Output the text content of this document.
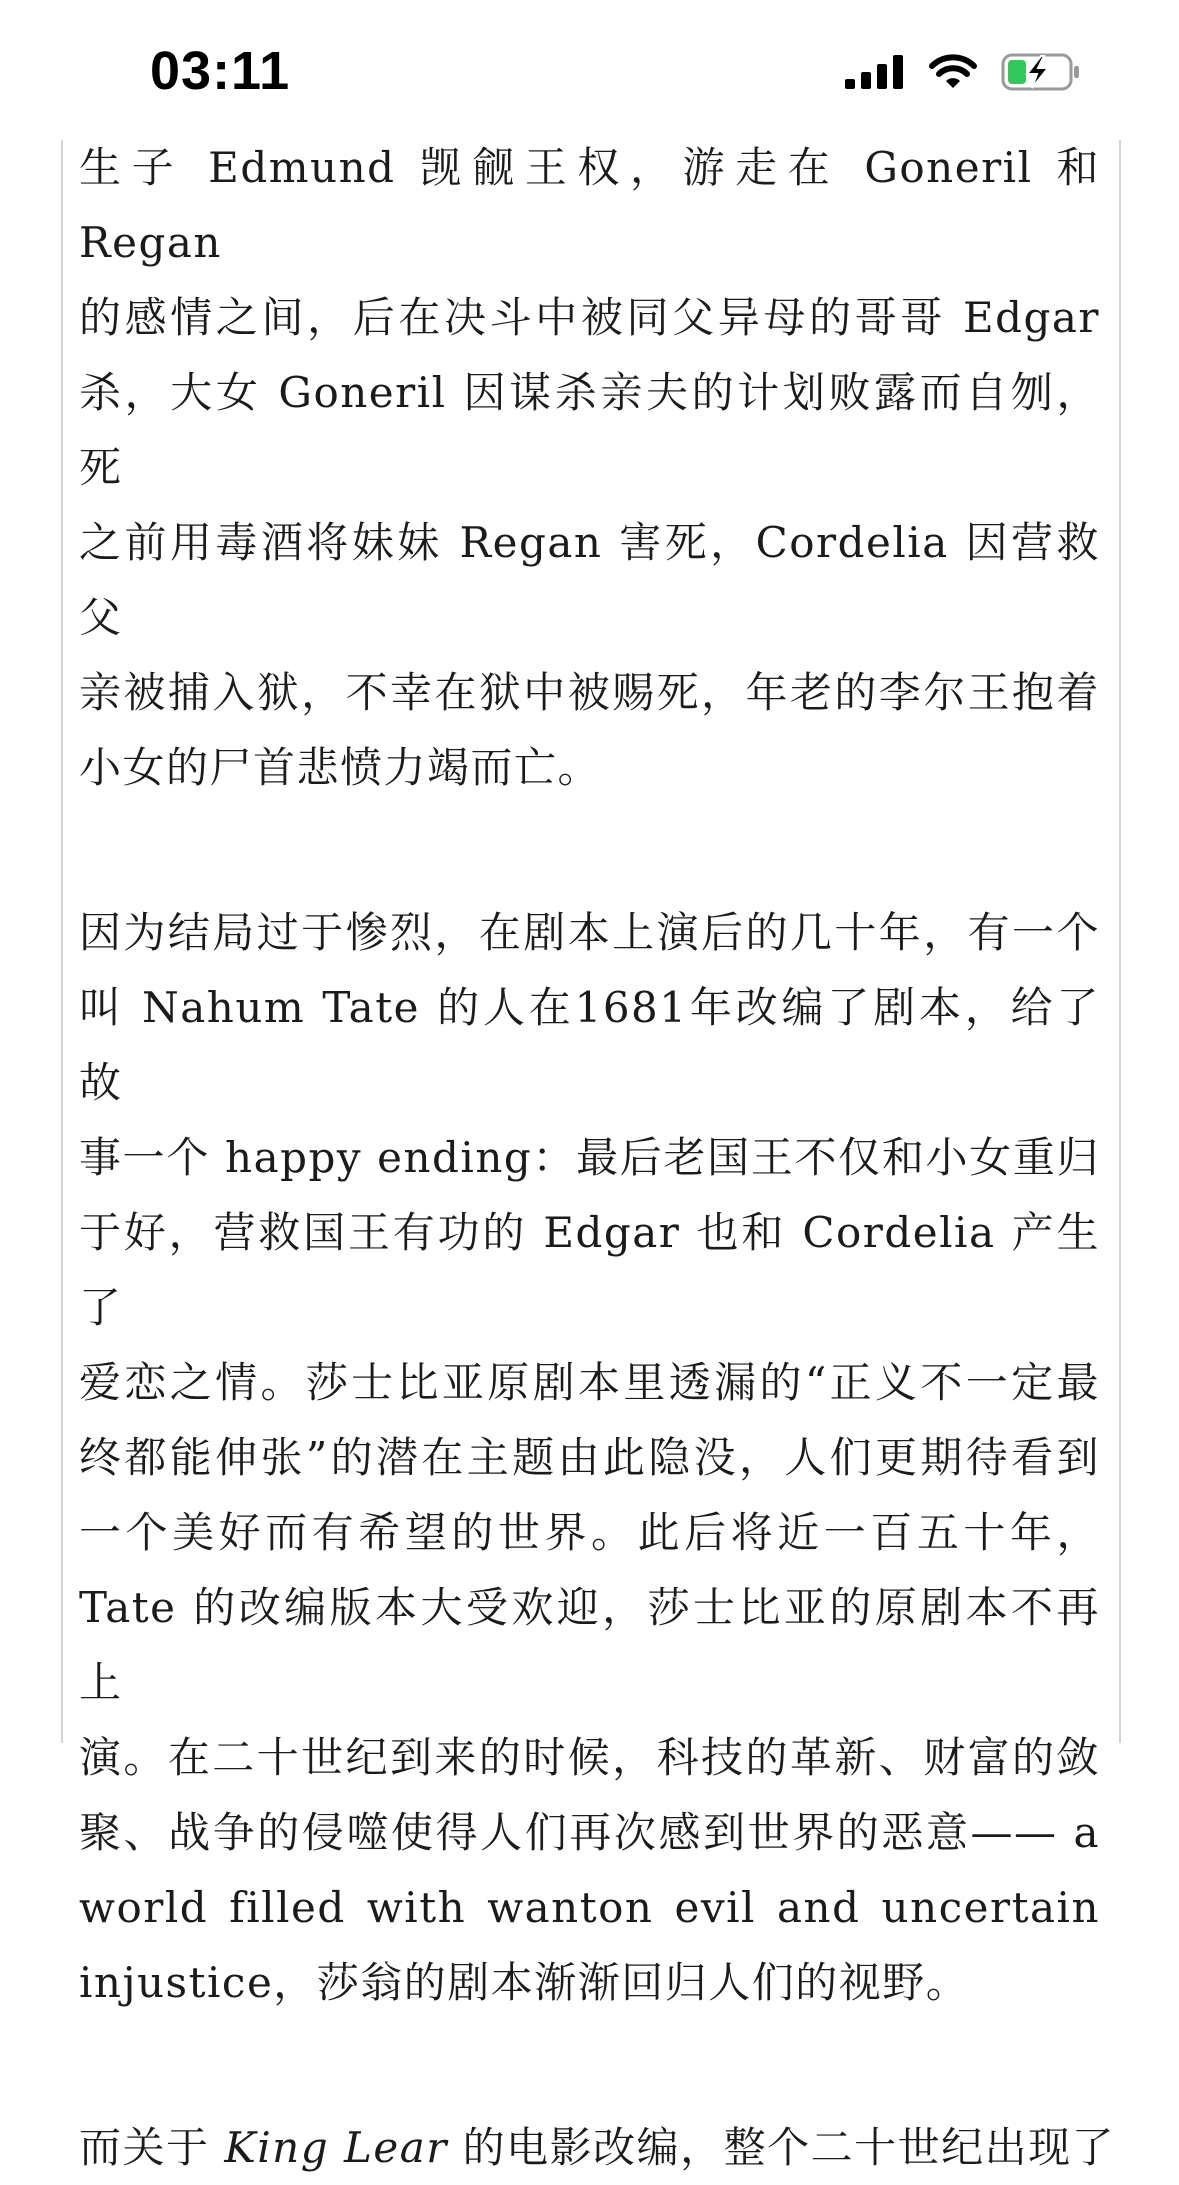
03:11

生子 Edmund 觊觎王权，游走在 Goneril 和 Regan
的感情之间，后在决斗中被同父异母的哥哥 Edgar
杀，大女 Goneril 因谋杀亲夫的计划败露而自刎，死
之前用毒酒将妹妹 Regan 害死，Cordelia 因营救父
亲被捕入狱，不幸在狱中被赐死，年老的李尔王抱着
小女的尸首悲愤力竭而亡。

因为结局过于惨烈，在剧本上演后的几十年，有一个
叫 Nahum Tate 的人在1681年改编了剧本，给了故
事一个 happy ending：最后老国王不仅和小女重归
于好，营救国王有功的 Edgar 也和 Cordelia 产生了
爱恋之情。莎士比亚原剧本里透漏的“正义不一定最
终都能伸张”的潜在主题由此隐没，人们更期待看到
一个美好而有希望的世界。此后将近一百五十年，
Tate 的改编版本大受欢迎，莎士比亚的原剧本不再上
演。在二十世纪到来的时候，科技的革新、财富的敛
聚、战争的侵噬使得人们再次感到世界的恶意—— a
world filled with wanton evil and uncertain
injustice，莎翁的剧本渐渐回归人们的视野。

而关于 King Lear 的电影改编，整个二十世纪出现了
